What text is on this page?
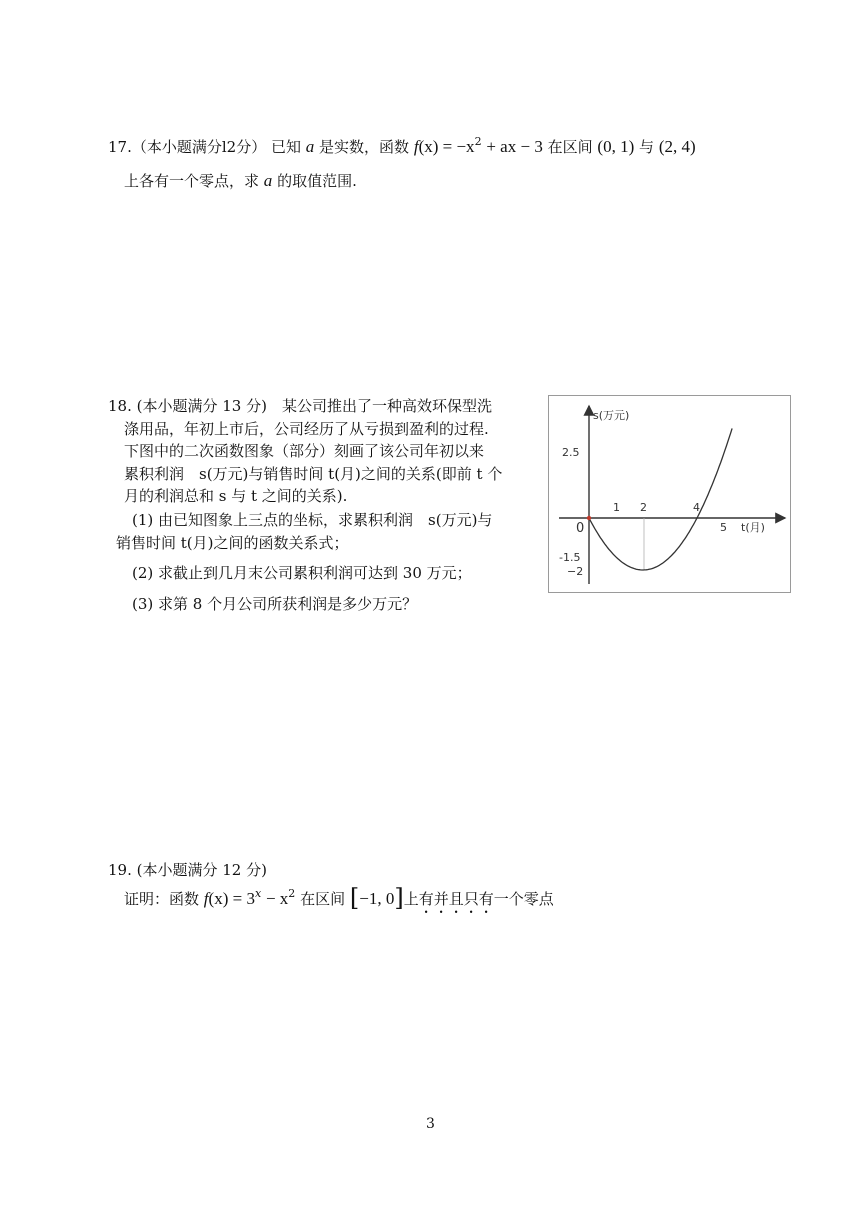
17.（本小题满分l2分） 已知 a 是实数，函数 $f(x) = -x^2$ + ax − 3 在区间 (0, 1) 与 (2, 4)
上各有一个零点，求 a 的取值范围.
18. (本小题满分 13 分)　某公司推出了一种高效环保型洗
涤用品，年初上市后，公司经历了从亏损到盈利的过程.
下图中的二次函数图象（部分）刻画了该公司年初以来
累积利润　s(万元)与销售时间 t(月)之间的关系(即前 t 个
月的利润总和 s 与 t 之间的关系).
(1) 由已知图象上三点的坐标，求累积利润　s(万元)与
销售时间 t(月)之间的函数关系式；
(2) 求截止到几月末公司累积利润可达到 30 万元；
(3) 求第 8 个月公司所获利润是多少万元？
s(万元)
t(月)
0
2.5
-1.5
−2
1 2	4
5
19. (本小题满分 12 分)
证明：函数 $f(x) = 3^x - x^2$ 在区间 [−1, 0]上有并且只有一个零点
3
